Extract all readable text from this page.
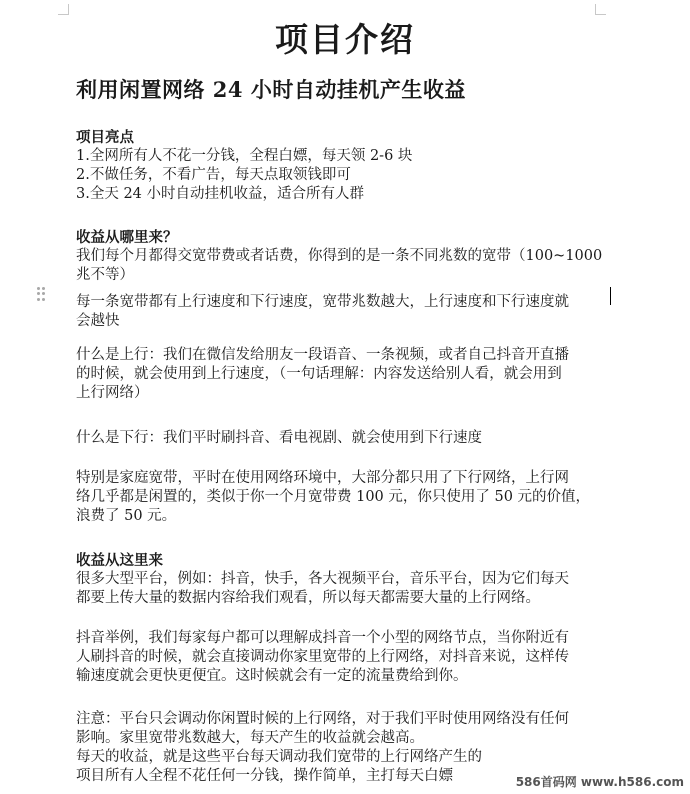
项目介绍
利用闲置网络 24 小时自动挂机产生收益

项目亮点

1.全网所有人不花一分钱，全程白嫖，每天领 2-6 块

2.不做任务，不看广告，每天点取领钱即可

3.全天 24 小时自动挂机收益，适合所有人群

收益从哪里来？

我们每个月都得交宽带费或者话费，你得到的是一条不同兆数的宽带（100~1000

兆不等）

每一条宽带都有上行速度和下行速度，宽带兆数越大，上行速度和下行速度就

会越快

什么是上行：我们在微信发给朋友一段语音、一条视频，或者自己抖音开直播

的时候，就会使用到上行速度，（一句话理解：内容发送给别人看，就会用到

上行网络）

什么是下行：我们平时刷抖音、看电视剧、就会使用到下行速度

特别是家庭宽带，平时在使用网络环境中，大部分都只用了下行网络，上行网

络几乎都是闲置的，类似于你一个月宽带费 100 元，你只使用了 50 元的价值，

浪费了 50 元。

收益从这里来

很多大型平台，例如：抖音，快手，各大视频平台，音乐平台，因为它们每天

都要上传大量的数据内容给我们观看，所以每天都需要大量的上行网络。

抖音举例，我们每家每户都可以理解成抖音一个小型的网络节点，当你附近有

人刷抖音的时候，就会直接调动你家里宽带的上行网络，对抖音来说，这样传

输速度就会更快更便宜。这时候就会有一定的流量费给到你。

注意：平台只会调动你闲置时候的上行网络，对于我们平时使用网络没有任何

影响。家里宽带兆数越大，每天产生的收益就会越高。

每天的收益，就是这些平台每天调动我们宽带的上行网络产生的

项目所有人全程不花任何一分钱，操作简单，主打每天白嫖	586首码网 www.h586.com
